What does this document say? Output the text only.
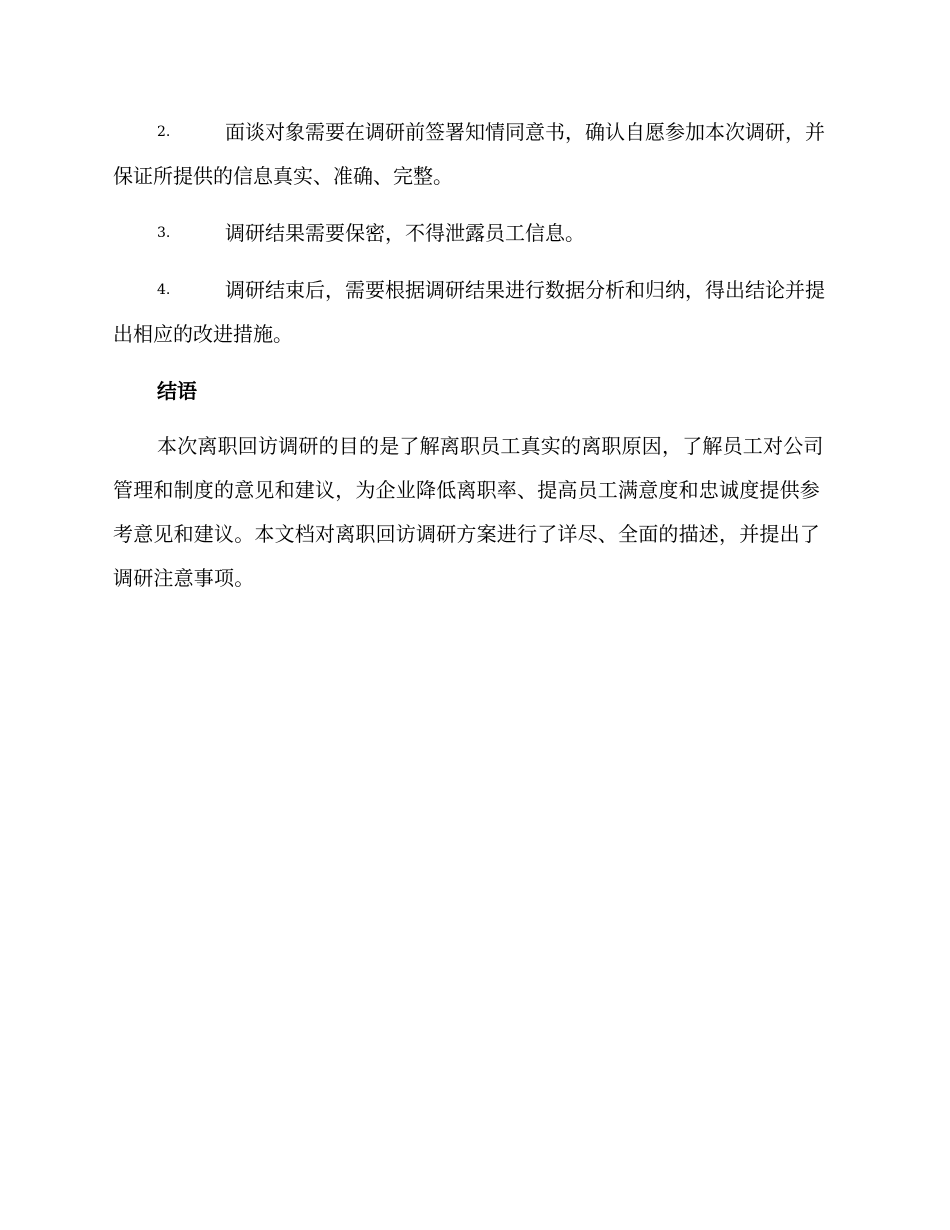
2.	面谈对象需要在调研前签署知情同意书，确认自愿参加本次调研，并保证所提供的信息真实、准确、完整。

3.	调研结果需要保密，不得泄露员工信息。

4.	调研结束后，需要根据调研结果进行数据分析和归纳，得出结论并提出相应的改进措施。

结语

本次离职回访调研的目的是了解离职员工真实的离职原因，了解员工对公司管理和制度的意见和建议，为企业降低离职率、提高员工满意度和忠诚度提供参考意见和建议。本文档对离职回访调研方案进行了详尽、全面的描述，并提出了调研注意事项。
